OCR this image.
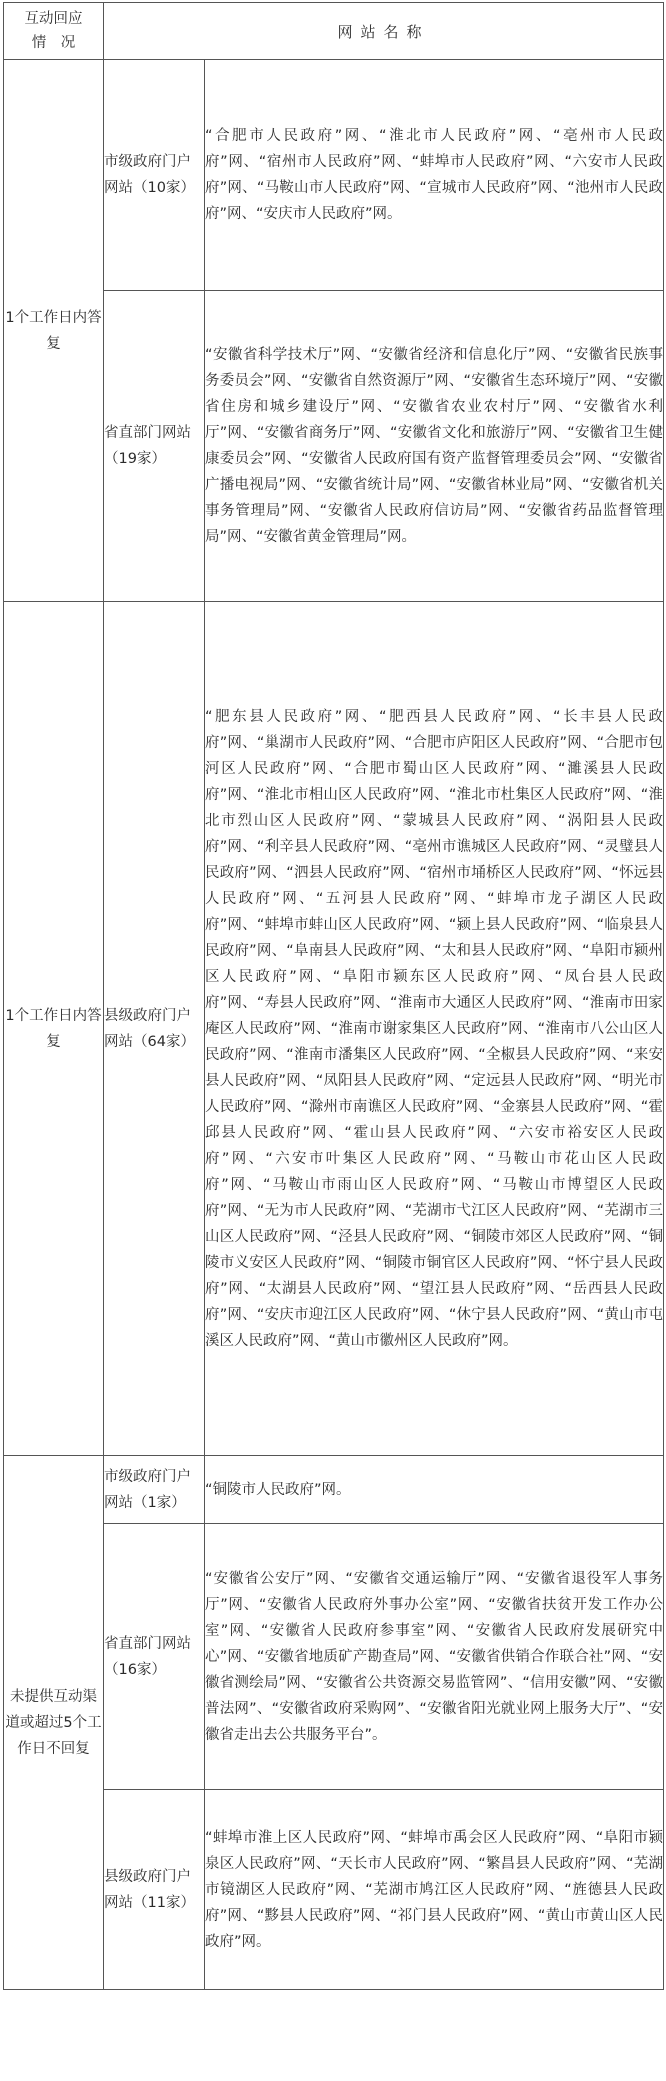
互动回应
情　况	网站名称	
1个工作日内答复	市级政府门户网站（10家）	“合肥市人民政府”网、“淮北市人民政府”网、“亳州市人民政府”网、“宿州市人民政府”网、“蚌埠市人民政府”网、“六安市人民政府”网、“马鞍山市人民政府”网、“宣城市人民政府”网、“池州市人民政府”网、“安庆市人民政府”网。
	省直部门网站（19家）	“安徽省科学技术厅”网、“安徽省经济和信息化厅”网、“安徽省民族事务委员会”网、“安徽省自然资源厅”网、“安徽省生态环境厅”网、“安徽省住房和城乡建设厅”网、“安徽省农业农村厅”网、“安徽省水利厅”网、“安徽省商务厅”网、“安徽省文化和旅游厅”网、“安徽省卫生健康委员会”网、“安徽省人民政府国有资产监督管理委员会”网、“安徽省广播电视局”网、“安徽省统计局”网、“安徽省林业局”网、“安徽省机关事务管理局”网、“安徽省人民政府信访局”网、“安徽省药品监督管理局”网、“安徽省黄金管理局”网。
1个工作日内答复	县级政府门户网站（64家）	“肥东县人民政府”网、“肥西县人民政府”网、“长丰县人民政府”网、“巢湖市人民政府”网、“合肥市庐阳区人民政府”网、“合肥市包河区人民政府”网、“合肥市蜀山区人民政府”网、“濉溪县人民政府”网、“淮北市相山区人民政府”网、“淮北市杜集区人民政府”网、“淮北市烈山区人民政府”网、“蒙城县人民政府”网、“涡阳县人民政府”网、“利辛县人民政府”网、“亳州市谯城区人民政府”网、“灵璧县人民政府”网、“泗县人民政府”网、“宿州市埇桥区人民政府”网、“怀远县人民政府”网、“五河县人民政府”网、“蚌埠市龙子湖区人民政府”网、“蚌埠市蚌山区人民政府”网、“颍上县人民政府”网、“临泉县人民政府”网、“阜南县人民政府”网、“太和县人民政府”网、“阜阳市颍州区人民政府”网、“阜阳市颍东区人民政府”网、“凤台县人民政府”网、“寿县人民政府”网、“淮南市大通区人民政府”网、“淮南市田家庵区人民政府”网、“淮南市谢家集区人民政府”网、“淮南市八公山区人民政府”网、“淮南市潘集区人民政府”网、“全椒县人民政府”网、“来安县人民政府”网、“凤阳县人民政府”网、“定远县人民政府”网、“明光市人民政府”网、“滁州市南谯区人民政府”网、“金寨县人民政府”网、“霍邱县人民政府”网、“霍山县人民政府”网、“六安市裕安区人民政府”网、“六安市叶集区人民政府”网、“马鞍山市花山区人民政府”网、“马鞍山市雨山区人民政府”网、“马鞍山市博望区人民政府”网、“无为市人民政府”网、“芜湖市弋江区人民政府”网、“芜湖市三山区人民政府”网、“泾县人民政府”网、“铜陵市郊区人民政府”网、“铜陵市义安区人民政府”网、“铜陵市铜官区人民政府”网、“怀宁县人民政府”网、“太湖县人民政府”网、“望江县人民政府”网、“岳西县人民政府”网、“安庆市迎江区人民政府”网、“休宁县人民政府”网、“黄山市屯溪区人民政府”网、“黄山市徽州区人民政府”网。
未提供互动渠道或超过5个工作日不回复	市级政府门户网站（1家）	“铜陵市人民政府”网。
	省直部门网站（16家）	“安徽省公安厅”网、“安徽省交通运输厅”网、“安徽省退役军人事务厅”网、“安徽省人民政府外事办公室”网、“安徽省扶贫开发工作办公室”网、“安徽省人民政府参事室”网、“安徽省人民政府发展研究中心”网、“安徽省地质矿产勘查局”网、“安徽省供销合作联合社”网、“安徽省测绘局”网、“安徽省公共资源交易监管网”、“信用安徽”网、“安徽普法网”、“安徽省政府采购网”、“安徽省阳光就业网上服务大厅”、“安徽省走出去公共服务平台”。
	县级政府门户网站（11家）	“蚌埠市淮上区人民政府”网、“蚌埠市禹会区人民政府”网、“阜阳市颍泉区人民政府”网、“天长市人民政府”网、“繁昌县人民政府”网、“芜湖市镜湖区人民政府”网、“芜湖市鸠江区人民政府”网、“旌德县人民政府”网、“黟县人民政府”网、“祁门县人民政府”网、“黄山市黄山区人民政府”网。
